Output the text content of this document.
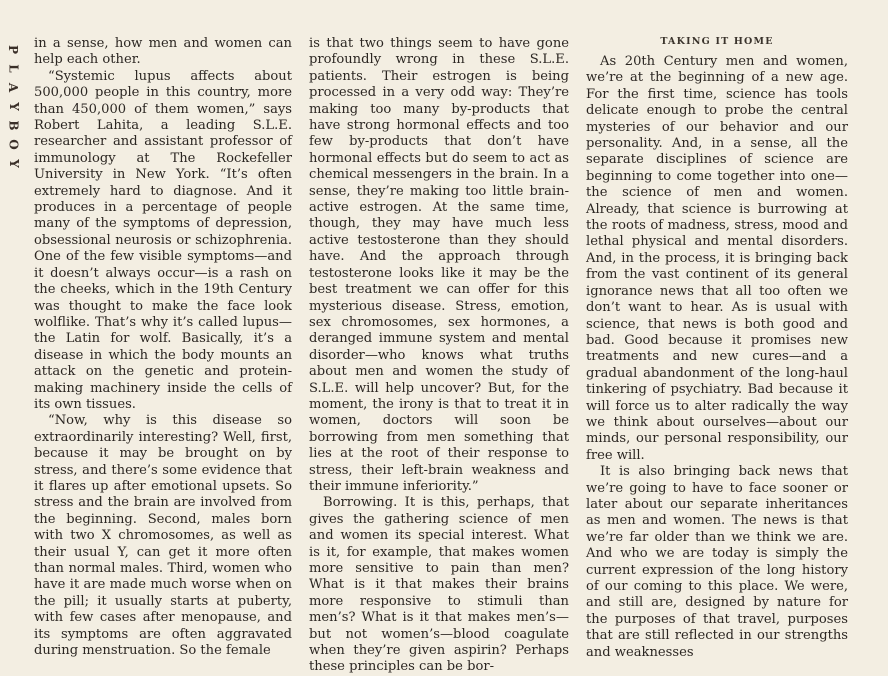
P
L
A
Y
B
O
Y

in a sense, how men and women can help each other.

“Systemic lupus affects about 500,000 people in this country, more than 450,000 of them women,” says Robert Lahita, a leading S.L.E. researcher and assistant professor of immunology at The Rockefeller University in New York. “It’s often extremely hard to diagnose. And it produces in a percentage of people many of the symptoms of depression, obsessional neurosis or schizophrenia. One of the few visible symptoms—and it doesn’t always occur—is a rash on the cheeks, which in the 19th Century was thought to make the face look wolflike. That’s why it’s called lupus—the Latin for wolf. Basically, it’s a disease in which the body mounts an attack on the genetic and protein-making machinery inside the cells of its own tissues.

“Now, why is this disease so extraordinarily interesting? Well, first, because it may be brought on by stress, and there’s some evidence that it flares up after emotional upsets. So stress and the brain are involved from the beginning. Second, males born with two X chromosomes, as well as their usual Y, can get it more often than normal males. Third, women who have it are made much worse when on the pill; it usually starts at puberty, with few cases after menopause, and its symptoms are often aggravated during menstruation. So the female

is that two things seem to have gone profoundly wrong in these S.L.E. patients. Their estrogen is being processed in a very odd way: They’re making too many by-products that have strong hormonal effects and too few by-products that don’t have hormonal effects but do seem to act as chemical messengers in the brain. In a sense, they’re making too little brain-active estrogen. At the same time, though, they may have much less active testosterone than they should have. And the approach through testosterone looks like it may be the best treatment we can offer for this mysterious disease. Stress, emotion, sex chromosomes, sex hormones, a deranged immune system and mental disorder—who knows what truths about men and women the study of S.L.E. will help uncover? But, for the moment, the irony is that to treat it in women, doctors will soon be borrowing from men something that lies at the root of their response to stress, their left-brain weakness and their immune inferiority.”

Borrowing. It is this, perhaps, that gives the gathering science of men and women its special interest. What is it, for example, that makes women more sensitive to pain than men? What is it that makes their brains more responsive to stimuli than men’s? What is it that makes men’s—but not women’s—blood coagulate when they’re given aspirin? Perhaps these principles can be bor-

TAKING IT HOME

As 20th Century men and women, we’re at the beginning of a new age. For the first time, science has tools delicate enough to probe the central mysteries of our behavior and our personality. And, in a sense, all the separate disciplines of science are beginning to come together into one—the science of men and women. Already, that science is burrowing at the roots of madness, stress, mood and lethal physical and mental disorders. And, in the process, it is bringing back from the vast continent of its general ignorance news that all too often we don’t want to hear. As is usual with science, that news is both good and bad. Good because it promises new treatments and new cures—and a gradual abandonment of the long-haul tinkering of psychiatry. Bad because it will force us to alter radically the way we think about ourselves—about our minds, our personal responsibility, our free will.

It is also bringing back news that we’re going to have to face sooner or later about our separate inheritances as men and women. The news is that we’re far older than we think we are. And who we are today is simply the current expression of the long history of our coming to this place. We were, and still are, designed by nature for the purposes of that travel, purposes that are still reflected in our strengths and weaknesses
